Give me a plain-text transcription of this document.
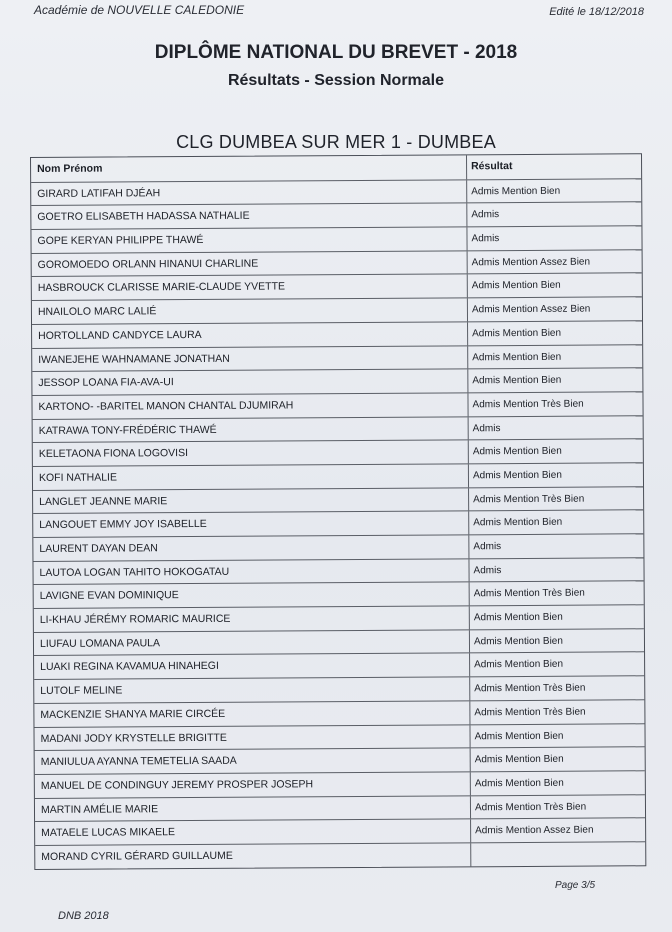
Académie de NOUVELLE CALEDONIE	Edité le 18/12/2018
DIPLÔME NATIONAL DU BREVET - 2018
Résultats - Session Normale
CLG DUMBEA SUR MER 1 - DUMBEA
Nom Prénom	Résultat
GIRARD LATIFAH DJÉAH	Admis Mention Bien
GOETRO ELISABETH HADASSA NATHALIE	Admis
GOPE KERYAN PHILIPPE THAWÉ	Admis
GOROMOEDO ORLANN HINANUI CHARLINE	Admis Mention Assez Bien
HASBROUCK CLARISSE MARIE-CLAUDE YVETTE	Admis Mention Bien
HNAILOLO MARC LALIÉ	Admis Mention Assez Bien
HORTOLLAND CANDYCE LAURA	Admis Mention Bien
IWANEJEHE WAHNAMANE JONATHAN	Admis Mention Bien
JESSOP LOANA FIA-AVA-UI	Admis Mention Bien
KARTONO- -BARITEL MANON CHANTAL DJUMIRAH	Admis Mention Très Bien
KATRAWA TONY-FRÉDÉRIC THAWÉ	Admis
KELETAONA FIONA LOGOVISI	Admis Mention Bien
KOFI NATHALIE	Admis Mention Bien
LANGLET JEANNE MARIE	Admis Mention Très Bien
LANGOUET EMMY JOY ISABELLE	Admis Mention Bien
LAURENT DAYAN DEAN	Admis
LAUTOA LOGAN TAHITO HOKOGATAU	Admis
LAVIGNE EVAN DOMINIQUE	Admis Mention Très Bien
LI-KHAU JÉRÉMY ROMARIC MAURICE	Admis Mention Bien
LIUFAU LOMANA PAULA	Admis Mention Bien
LUAKI REGINA KAVAMUA HINAHEGI	Admis Mention Bien
LUTOLF MELINE	Admis Mention Très Bien
MACKENZIE SHANYA MARIE CIRCÉE	Admis Mention Très Bien
MADANI JODY KRYSTELLE BRIGITTE	Admis Mention Bien
MANIULUA AYANNA TEMETELIA SAADA	Admis Mention Bien
MANUEL DE CONDINGUY JEREMY PROSPER JOSEPH	Admis Mention Bien
MARTIN AMÉLIE MARIE	Admis Mention Très Bien
MATAELE LUCAS MIKAELE	Admis Mention Assez Bien
MORAND CYRIL GÉRARD GUILLAUME
Page 3/5
DNB 2018
